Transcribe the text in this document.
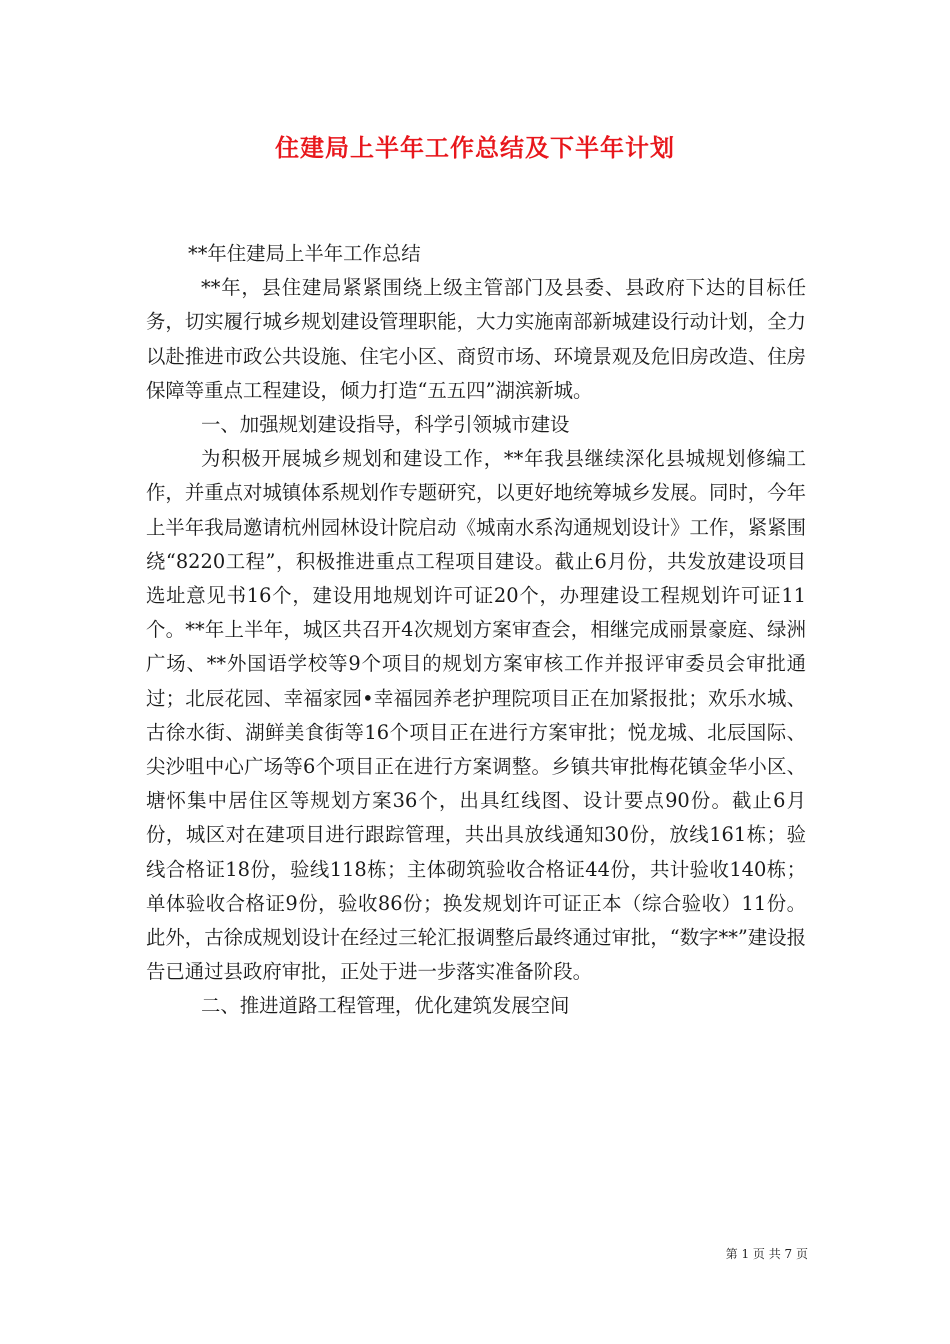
住建局上半年工作总结及下半年计划

**年住建局上半年工作总结

**年，县住建局紧紧围绕上级主管部门及县委、县政府下达的目标任务，切实履行城乡规划建设管理职能，大力实施南部新城建设行动计划，全力以赴推进市政公共设施、住宅小区、商贸市场、环境景观及危旧房改造、住房保障等重点工程建设，倾力打造“五五四”湖滨新城。

一、加强规划建设指导，科学引领城市建设

为积极开展城乡规划和建设工作，**年我县继续深化县城规划修编工作，并重点对城镇体系规划作专题研究，以更好地统筹城乡发展。同时，今年上半年我局邀请杭州园林设计院启动《城南水系沟通规划设计》工作，紧紧围绕“8220工程”，积极推进重点工程项目建设。截止6月份，共发放建设项目选址意见书16个，建设用地规划许可证20个，办理建设工程规划许可证11个。**年上半年，城区共召开4次规划方案审查会，相继完成丽景豪庭、绿洲广场、**外国语学校等9个项目的规划方案审核工作并报评审委员会审批通过；北辰花园、幸福家园•幸福园养老护理院项目正在加紧报批；欢乐水城、古徐水街、湖鲜美食街等16个项目正在进行方案审批；悦龙城、北辰国际、尖沙咀中心广场等6个项目正在进行方案调整。乡镇共审批梅花镇金华小区、塘怀集中居住区等规划方案36个，出具红线图、设计要点90份。截止6月份，城区对在建项目进行跟踪管理，共出具放线通知30份，放线161栋；验线合格证18份，验线118栋；主体砌筑验收合格证44份，共计验收140栋；单体验收合格证9份，验收86份；换发规划许可证正本（综合验收）11份。此外，古徐成规划设计在经过三轮汇报调整后最终通过审批，“数字**”建设报告已通过县政府审批，正处于进一步落实准备阶段。

二、推进道路工程管理，优化建筑发展空间

第 1 页 共 7 页
